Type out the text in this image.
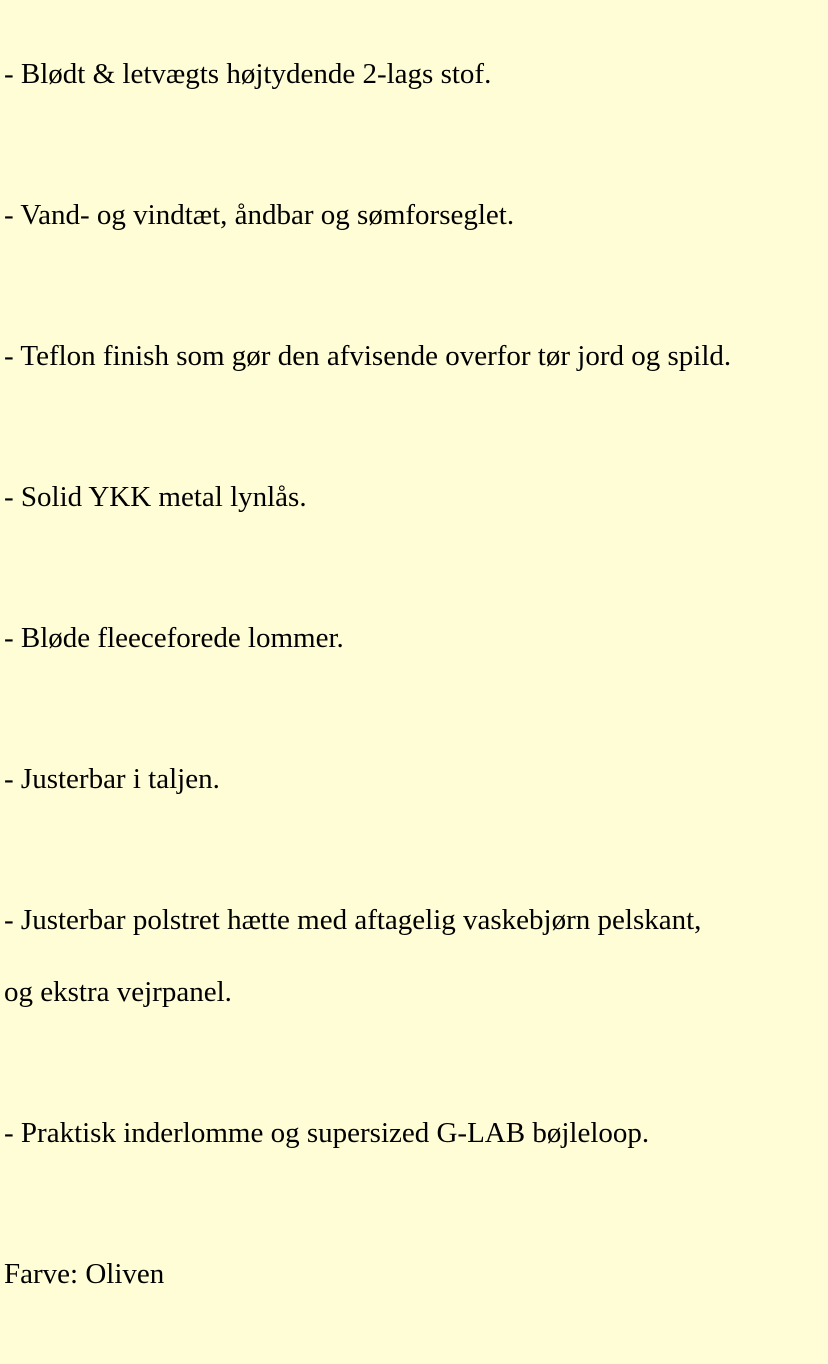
- Blødt & letvægts højtydende 2-lags stof.

- Vand- og vindtæt, åndbar og sømforseglet.

- Teflon finish som gør den afvisende overfor tør jord og spild.

- Solid YKK metal lynlås.

- Bløde fleeceforede lommer.

- Justerbar i taljen.

- Justerbar polstret hætte med aftagelig vaskebjørn pelskant,

og ekstra vejrpanel.

- Praktisk inderlomme og supersized G-LAB bøjleloop.

Farve: Oliven
